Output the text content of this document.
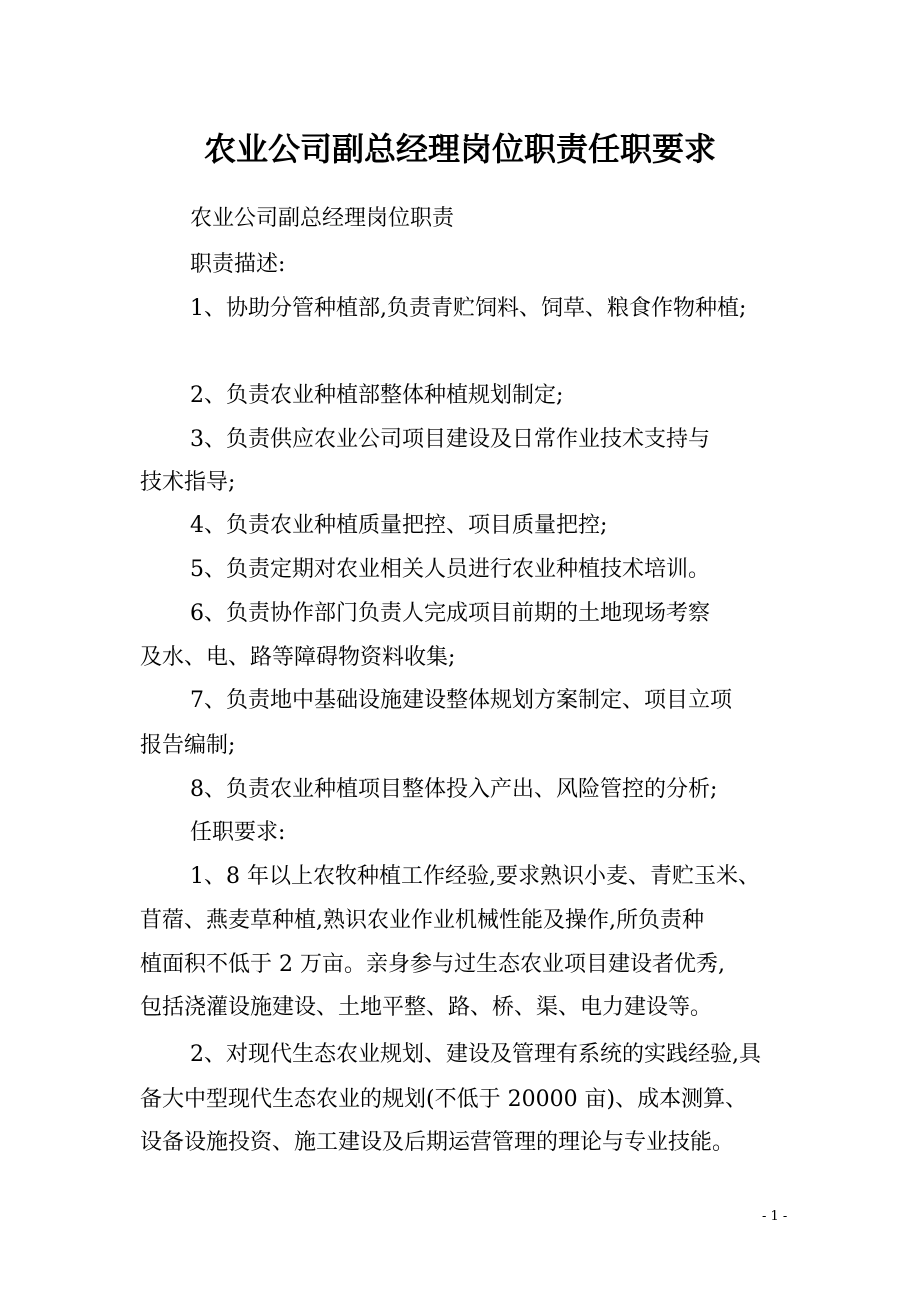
农业公司副总经理岗位职责任职要求
农业公司副总经理岗位职责
职责描述:
1、协助分管种植部,负责青贮饲料、饲草、粮食作物种植;
2、负责农业种植部整体种植规划制定;
3、负责供应农业公司项目建设及日常作业技术支持与
技术指导;
4、负责农业种植质量把控、项目质量把控;
5、负责定期对农业相关人员进行农业种植技术培训。
6、负责协作部门负责人完成项目前期的土地现场考察
及水、电、路等障碍物资料收集;
7、负责地中基础设施建设整体规划方案制定、项目立项
报告编制;
8、负责农业种植项目整体投入产出、风险管控的分析;
任职要求:
1、8 年以上农牧种植工作经验,要求熟识小麦、青贮玉米、
苜蓿、燕麦草种植,熟识农业作业机械性能及操作,所负责种
植面积不低于 2 万亩。亲身参与过生态农业项目建设者优秀,
包括浇灌设施建设、土地平整、路、桥、渠、电力建设等。
2、对现代生态农业规划、建设及管理有系统的实践经验,具
备大中型现代生态农业的规划(不低于 20000 亩)、成本测算、
设备设施投资、施工建设及后期运营管理的理论与专业技能。
- 1 -
